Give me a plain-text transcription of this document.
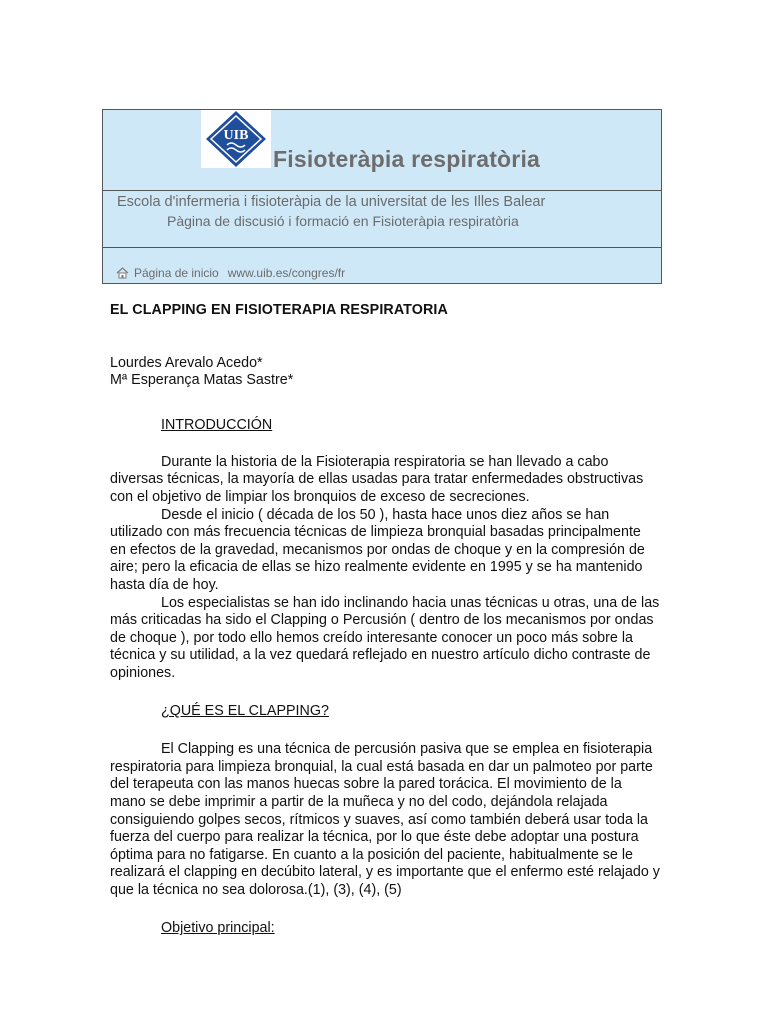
UIB
Fisioteràpia respiratòria
Escola d'infermeria i fisioteràpia de la universitat de les Illes Balear
Pàgina de discusió i formació en Fisioteràpia respiratòria
Página de inicio www.uib.es/congres/fr

EL CLAPPING EN FISIOTERAPIA RESPIRATORIA

Lourdes Arevalo Acedo*

Mª Esperança Matas Sastre*

INTRODUCCIÓN

Durante la historia de la Fisioterapia respiratoria se han llevado a cabo diversas técnicas, la mayoría de ellas usadas para tratar enfermedades obstructivas con el objetivo de limpiar los bronquios de exceso de secreciones.

Desde el inicio ( década de los 50 ), hasta hace unos diez años se han utilizado con más frecuencia técnicas de limpieza bronquial basadas principalmente en efectos de la gravedad, mecanismos por ondas de choque y en la compresión de aire; pero la eficacia de ellas se hizo realmente evidente en 1995 y se ha mantenido hasta día de hoy.

Los especialistas se han ido inclinando hacia unas técnicas u otras, una de las más criticadas ha sido el Clapping o Percusión ( dentro de los mecanismos por ondas de choque ), por todo ello hemos creído interesante conocer un poco más sobre la técnica y su utilidad, a la vez quedará reflejado en nuestro artículo dicho contraste de opiniones.

¿QUÉ ES EL CLAPPING?

El Clapping es una técnica de percusión pasiva que se emplea en fisioterapia respiratoria para limpieza bronquial, la cual está basada en dar un palmoteo por parte del terapeuta con las manos huecas sobre la pared torácica. El movimiento de la mano se debe imprimir a partir de la muñeca y no del codo, dejándola relajada consiguiendo golpes secos, rítmicos y suaves, así como también deberá usar toda la fuerza del cuerpo para realizar la técnica, por lo que éste debe adoptar una postura óptima para no fatigarse. En cuanto a la posición del paciente, habitualmente se le realizará el clapping en decúbito lateral, y es importante que el enfermo esté relajado y que la técnica no sea dolorosa.(1), (3), (4), (5)

Objetivo principal:
